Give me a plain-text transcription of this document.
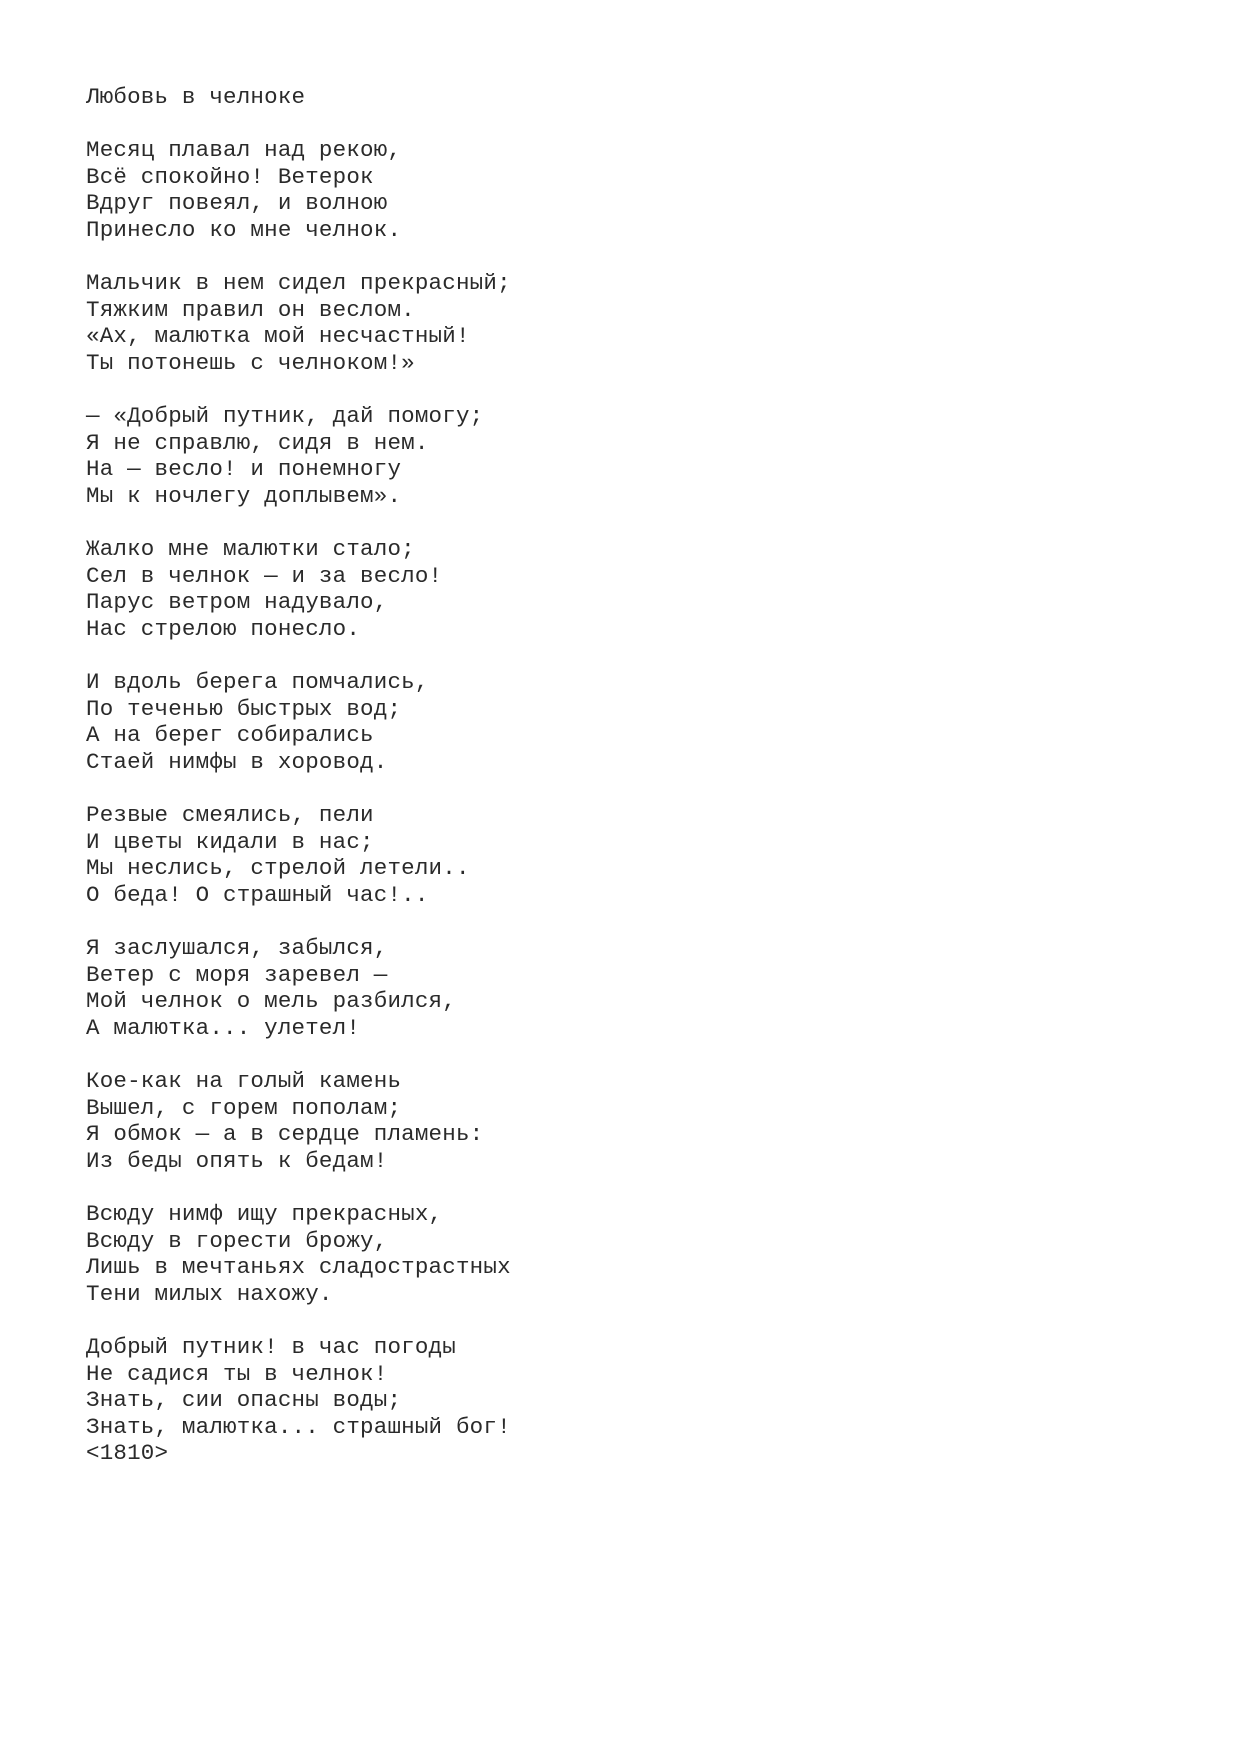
Любовь в челноке
Месяц плавал над рекою,
Всё спокойно! Ветерок
Вдруг повеял, и волною
Принесло ко мне челнок.
Мальчик в нем сидел прекрасный;
Тяжким правил он веслом.
«Ах, малютка мой несчастный!
Ты потонешь с челноком!»
— «Добрый путник, дай помогу;
Я не справлю, сидя в нем.
На — весло! и понемногу
Мы к ночлегу доплывем».
Жалко мне малютки стало;
Сел в челнок — и за весло!
Парус ветром надувало,
Нас стрелою понесло.
И вдоль берега помчались,
По теченью быстрых вод;
А на берег собирались
Стаей нимфы в хоровод.
Резвые смеялись, пели
И цветы кидали в нас;
Мы неслись, стрелой летели..
О беда! О страшный час!..
Я заслушался, забылся,
Ветер с моря заревел —
Мой челнок о мель разбился,
А малютка... улетел!
Кое-как на голый камень
Вышел, с горем пополам;
Я обмок — а в сердце пламень:
Из беды опять к бедам!
Всюду нимф ищу прекрасных,
Всюду в горести брожу,
Лишь в мечтаньях сладострастных
Тени милых нахожу.
Добрый путник! в час погоды
Не садися ты в челнок!
Знать, сии опасны воды;
Знать, малютка... страшный бог!
<1810>
